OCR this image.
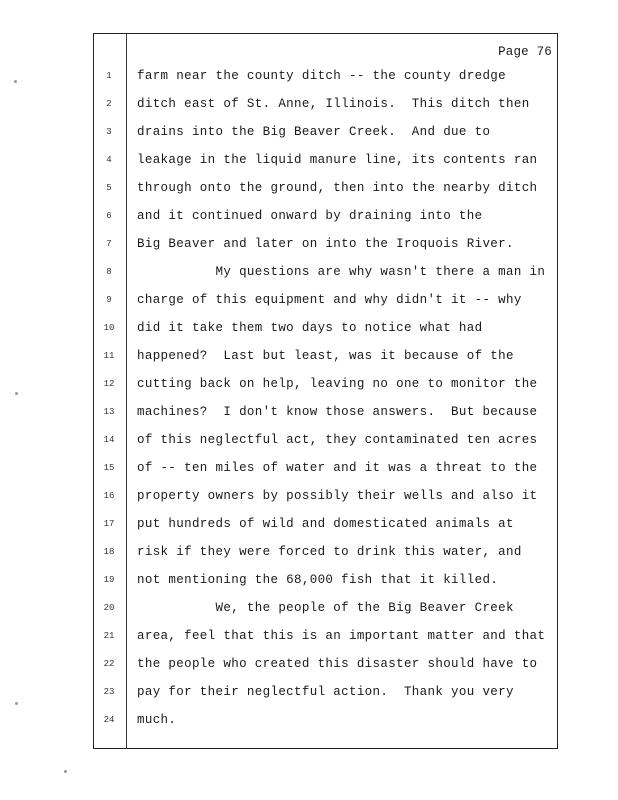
Page 76
1	farm near the county ditch -- the county dredge
2	ditch east of St. Anne, Illinois.  This ditch then
3	drains into the Big Beaver Creek.  And due to
4	leakage in the liquid manure line, its contents ran
5	through onto the ground, then into the nearby ditch
6	and it continued onward by draining into the
7	Big Beaver and later on into the Iroquois River.
8	My questions are why wasn't there a man in
9	charge of this equipment and why didn't it -- why
10	did it take them two days to notice what had
11	happened?  Last but least, was it because of the
12	cutting back on help, leaving no one to monitor the
13	machines?  I don't know those answers.  But because
14	of this neglectful act, they contaminated ten acres
15	of -- ten miles of water and it was a threat to the
16	property owners by possibly their wells and also it
17	put hundreds of wild and domesticated animals at
18	risk if they were forced to drink this water, and
19	not mentioning the 68,000 fish that it killed.
20	We, the people of the Big Beaver Creek
21	area, feel that this is an important matter and that
22	the people who created this disaster should have to
23	pay for their neglectful action.  Thank you very
24	much.
